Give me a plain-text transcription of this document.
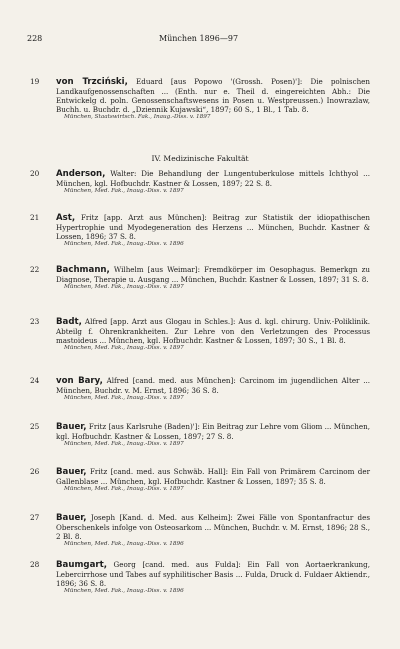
228	München 1896—97
19 von Trzciński, Eduard [aus Popowo '(Grossh. Posen)']: Die polnischen Landkaufgenossenschaften ... (Enth. nur e. Theil d. eingereichten Abh.: Die Entwickelg d. poln. Genossenschaftswesens in Posen u. Westpreussen.) Inowrazlaw, Buchh. u. Buchdr. d. „Dziennik Kujawski“, 1897; 60 S., 1 Bl., 1 Tab. 8.
München, Staatswirtsch. Fak., Inaug.-Diss. v. 1897
IV. Medizinische Fakultät
20 Anderson, Walter: Die Behandlung der Lungentuberkulose mittels Ichthyol ... München, kgl. Hofbuchdr. Kastner & Lossen, 1897; 22 S. 8.
München, Med. Fak., Inaug.-Diss. v. 1897
21 Ast, Fritz [app. Arzt aus München]: Beitrag zur Statistik der idiopathischen Hypertrophie und Myodegeneration des Herzens ... München, Buchdr. Kastner & Lossen, 1896; 37 S. 8.
München, Med. Fak., Inaug.-Diss. v. 1896
22 Bachmann, Wilhelm [aus Weimar]: Fremdkörper im Oesophagus. Bemerkgn zu Diagnose, Therapie u. Ausgang ... München, Buchdr. Kastner & Lossen, 1897; 31 S. 8.
München, Med. Fak., Inaug.-Diss. v. 1897
23 Badt, Alfred [app. Arzt aus Glogau in Schles.]: Aus d. kgl. chirurg. Univ.-Poliklinik. Abteilg f. Ohrenkrankheiten. Zur Lehre von den Verletzungen des Processus mastoideus ... München, kgl. Hofbuchdr. Kastner & Lossen, 1897; 30 S., 1 Bl. 8.
München, Med. Fak., Inaug.-Diss. v. 1897
24 von Bary, Alfred [cand. med. aus München]: Carcinom im jugendlichen Alter ... München, Buchdr. v. M. Ernst, 1896; 36 S. 8.
München, Med. Fak., Inaug.-Diss. v. 1897
25 Bauer, Fritz [aus Karlsruhe (Baden)']: Ein Beitrag zur Lehre vom Gliom ... München, kgl. Hofbuchdr. Kastner & Lossen, 1897; 27 S. 8.
München, Med. Fak., Inaug.-Diss. v. 1897
26 Bauer, Fritz [cand. med. aus Schwäb. Hall]: Ein Fall von Primärem Carcinom der Gallenblase ... München, kgl. Hofbuchdr. Kastner & Lossen, 1897; 35 S. 8.
München, Med. Fak., Inaug.-Diss. v. 1897
27 Bauer, Joseph [Kand. d. Med. aus Kelheim]: Zwei Fälle von Spontanfractur des Oberschenkels infolge von Osteosarkom ... München, Buchdr. v. M. Ernst, 1896; 28 S., 2 Bl. 8.
München, Med. Fak., Inaug.-Diss. v. 1896
28 Baumgart, Georg [cand. med. aus Fulda]: Ein Fall von Aortaerkrankung, Lebercirrhose und Tabes auf syphilitischer Basis ... Fulda, Druck d. Fuldaer Aktiendr., 1896; 36 S. 8.
München, Med. Fak., Inaug.-Diss. v. 1896
